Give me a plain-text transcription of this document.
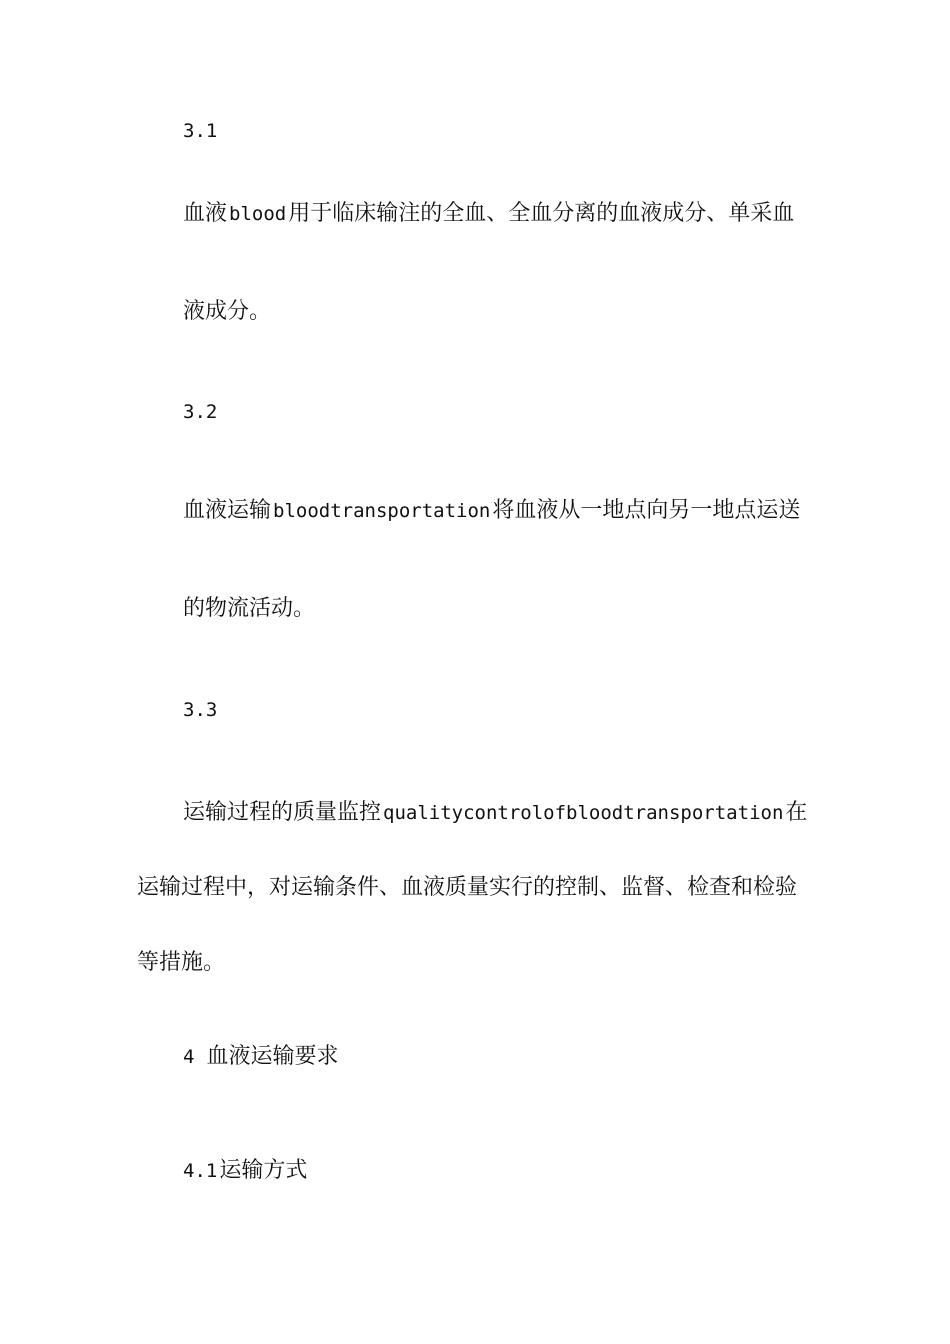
3.1

血液 blood用于临床输注的全血、全血分离的血液成分、单采血

液成分。

3.2

血液运输 bloodtransportation将血液从一地点向另一地点运送

的物流活动。

3.3

运输过程的质量监控 qualitycontrolofbloodtransportation在

运输过程中，对运输条件、血液质量实行的控制、监督、检查和检验

等措施。

4 血液运输要求

4.1运输方式
